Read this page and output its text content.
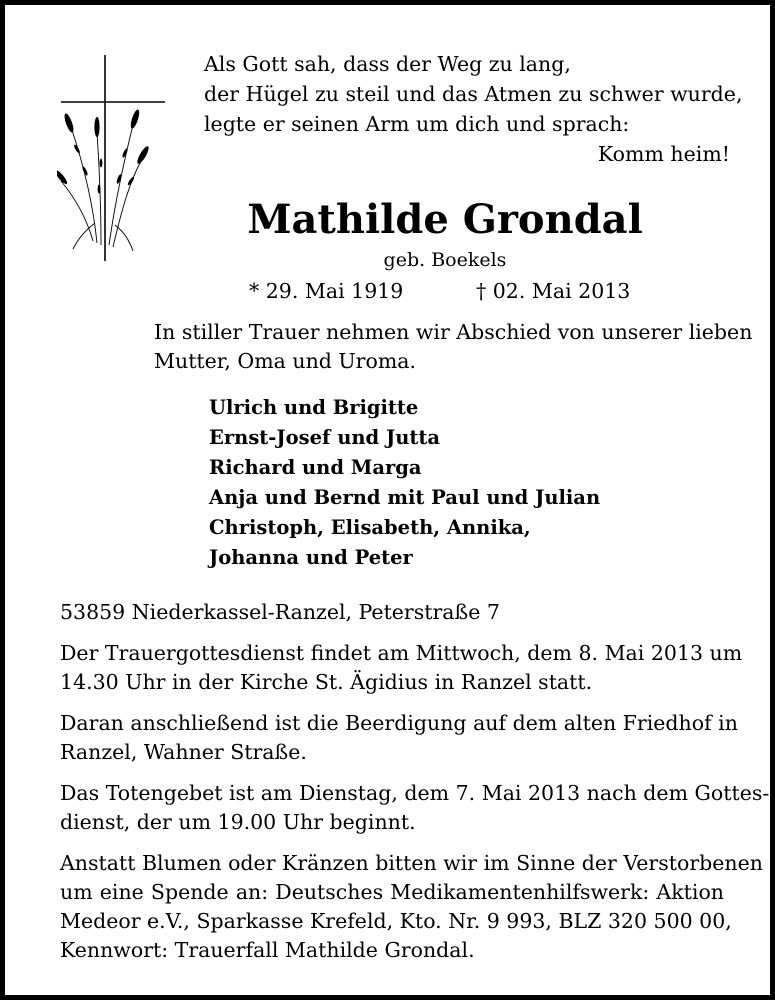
Als Gott sah, dass der Weg zu lang,
der Hügel zu steil und das Atmen zu schwer wurde,
legte er seinen Arm um dich und sprach:
Komm heim!
Mathilde Grondal
geb. Boekels
* 29. Mai 1919	† 02. Mai 2013
In stiller Trauer nehmen wir Abschied von unserer lieben
Mutter, Oma und Uroma.
Ulrich und Brigitte
Ernst-Josef und Jutta
Richard und Marga
Anja und Bernd mit Paul und Julian
Christoph, Elisabeth, Annika,
Johanna und Peter
53859 Niederkassel-Ranzel, Peterstraße 7
Der Trauergottesdienst findet am Mittwoch, dem 8. Mai 2013 um
14.30 Uhr in der Kirche St. Ägidius in Ranzel statt.
Daran anschließend ist die Beerdigung auf dem alten Friedhof in
Ranzel, Wahner Straße.
Das Totengebet ist am Dienstag, dem 7. Mai 2013 nach dem Gottes-
dienst, der um 19.00 Uhr beginnt.
Anstatt Blumen oder Kränzen bitten wir im Sinne der Verstorbenen
um eine Spende an: Deutsches Medikamentenhilfswerk: Aktion
Medeor e.V., Sparkasse Krefeld, Kto. Nr. 9 993, BLZ 320 500 00,
Kennwort: Trauerfall Mathilde Grondal.
